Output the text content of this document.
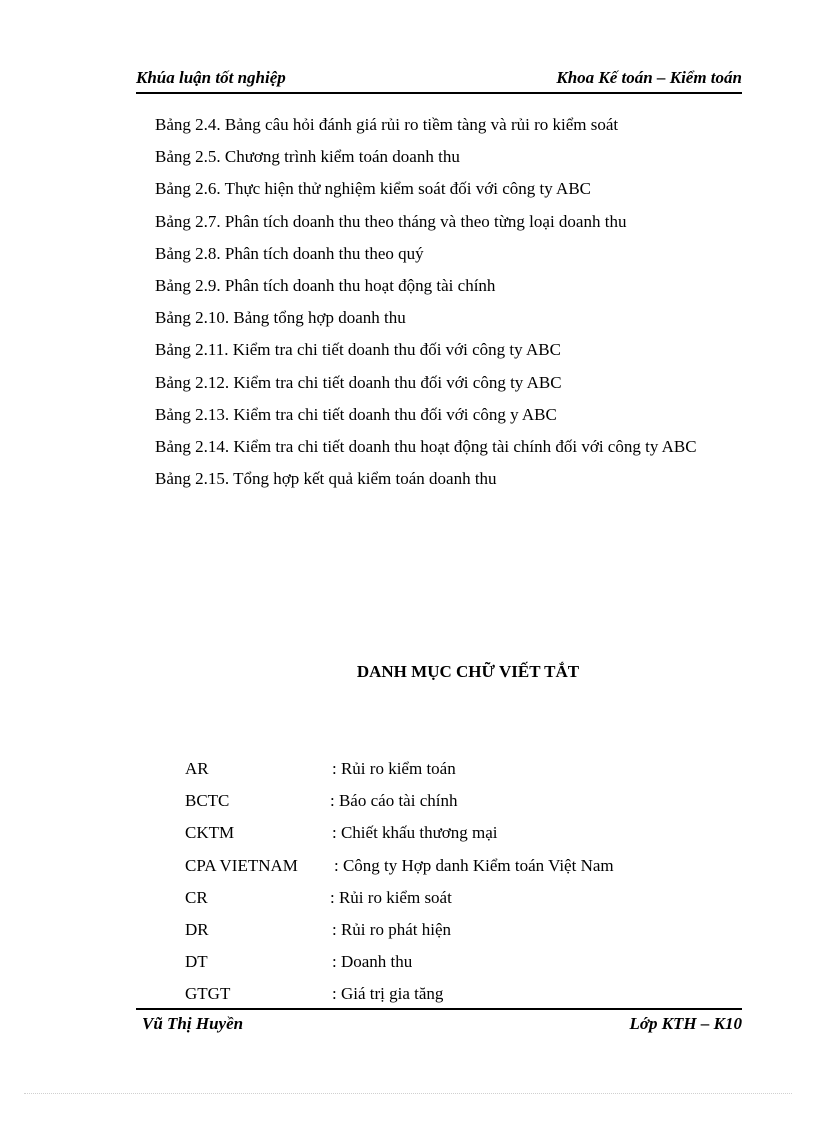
Khúa luận tốt nghiệp	Khoa Kế toán – Kiểm toán
Bảng 2.4. Bảng câu hỏi đánh giá rủi ro tiềm tàng và rủi ro kiểm soát
Bảng 2.5. Chương trình kiểm toán doanh thu
Bảng 2.6. Thực hiện thử nghiệm kiểm soát đối với công ty ABC
Bảng 2.7. Phân tích doanh thu theo tháng và theo từng loại doanh thu
Bảng 2.8. Phân tích doanh thu theo quý
Bảng 2.9. Phân tích doanh thu hoạt động tài chính
Bảng 2.10. Bảng tổng hợp doanh thu
Bảng 2.11. Kiểm tra chi tiết doanh thu đối với công ty ABC
Bảng 2.12. Kiểm tra chi tiết doanh thu đối với công ty ABC
Bảng 2.13. Kiểm tra chi tiết doanh thu đối với công y ABC
Bảng 2.14. Kiểm tra chi tiết doanh thu hoạt động tài chính đối với công ty ABC
Bảng 2.15. Tổng hợp kết quả kiểm toán doanh thu
DANH MỤC CHỮ VIẾT TẮT
AR	: Rủi ro kiểm toán
BCTC	: Báo cáo tài chính
CKTM	: Chiết khấu thương mại
CPA VIETNAM : Công ty Hợp danh Kiểm toán Việt Nam
CR	: Rủi ro kiểm soát
DR	: Rủi ro phát hiện
DT	: Doanh thu
GTGT	: Giá trị gia tăng
Vũ Thị Huyền	Lớp KTH – K10
